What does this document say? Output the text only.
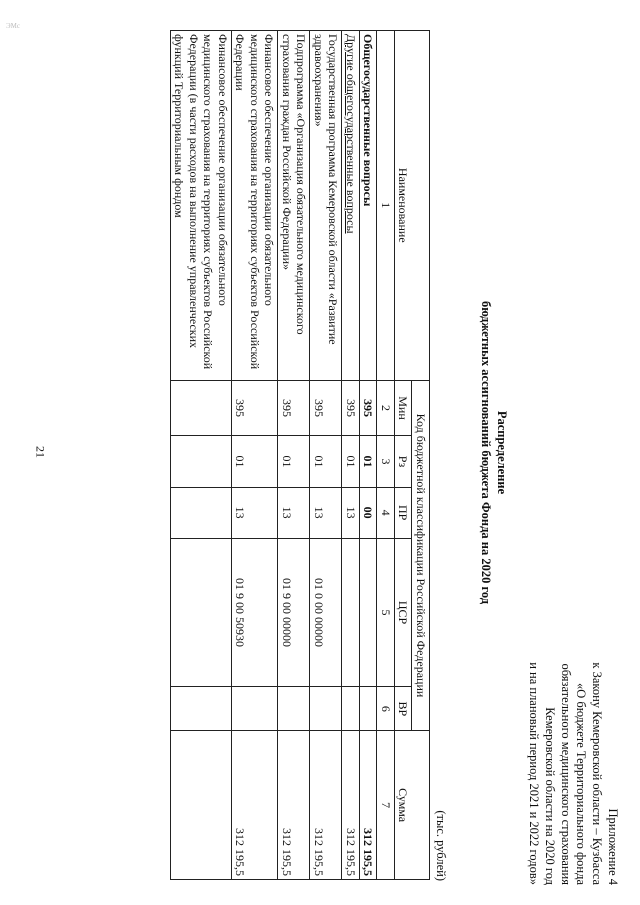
ЭМс
21
Приложение 4
к Закону Кемеровской области – Кузбасса
«О бюджете Территориального фонда
обязательного медицинского страхования
Кемеровской области на 2020 год
и на плановый период 2021 и 2022 годов»
Распределение
бюджетных ассигнований бюджета Фонда на 2020 год
(тыс. рублей)
Наименование	Код бюджетной классификации Российской Федерации					Сумма
	Мин	Рз	ПР	ЦСР	ВР	
1	2	3	4	5	6	7
Общегосударственные вопросы	395	01	00			312 195,5
Другие общегосударственные вопросы	395	01	13			312 195,5
Государственная программа Кемеровской области «Развитие здравоохранения»	395	01	13	01 0 00 00000		312 195,5
Подпрограмма «Организация обязательного медицинского страхования граждан Российской Федерации»	395	01	13	01 9 00 00000		312 195,5
Финансовое обеспечение организации обязательного медицинского страхования на территориях субъектов Российской Федерации	395	01	13	01 9 00 50930		312 195,5
Финансовое обеспечение организации обязательного медицинского страхования на территориях субъектов Российской Федерации (в части расходов на выполнение управленческих функций Территориальным фондом						
